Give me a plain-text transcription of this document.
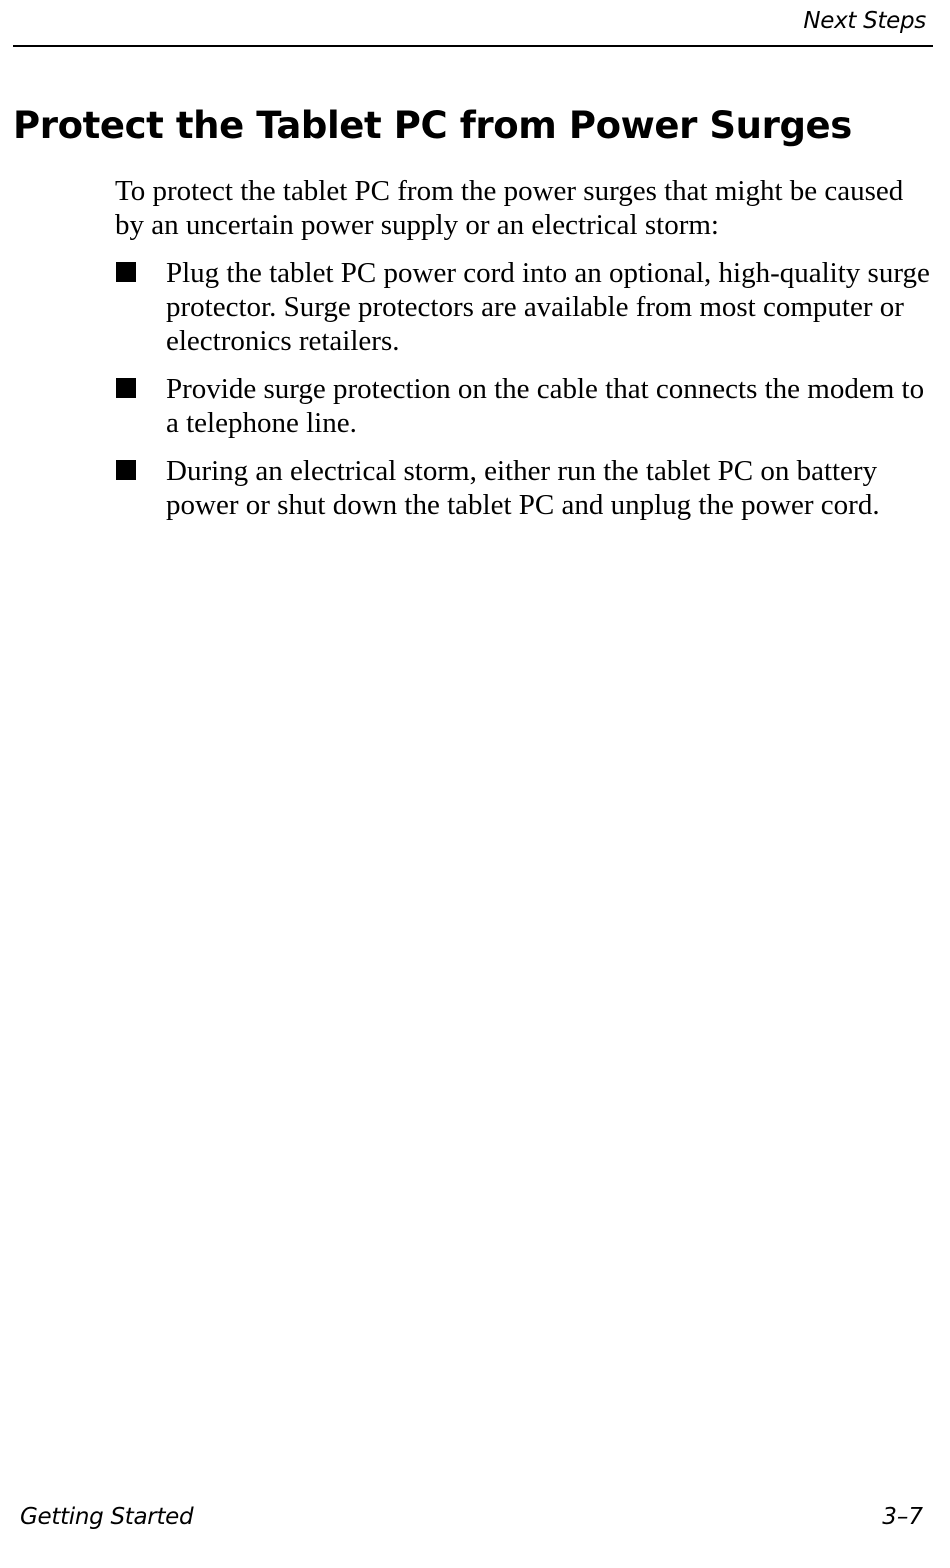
Next Steps
Protect the Tablet PC from Power Surges

To protect the tablet PC from the power surges that might be caused by an uncertain power supply or an electrical storm:

Plug the tablet PC power cord into an optional, high-quality surge protector. Surge protectors are available from most computer or electronics retailers.
Provide surge protection on the cable that connects the modem to a telephone line.
During an electrical storm, either run the tablet PC on battery power or shut down the tablet PC and unplug the power cord.
Getting Started	3–7
